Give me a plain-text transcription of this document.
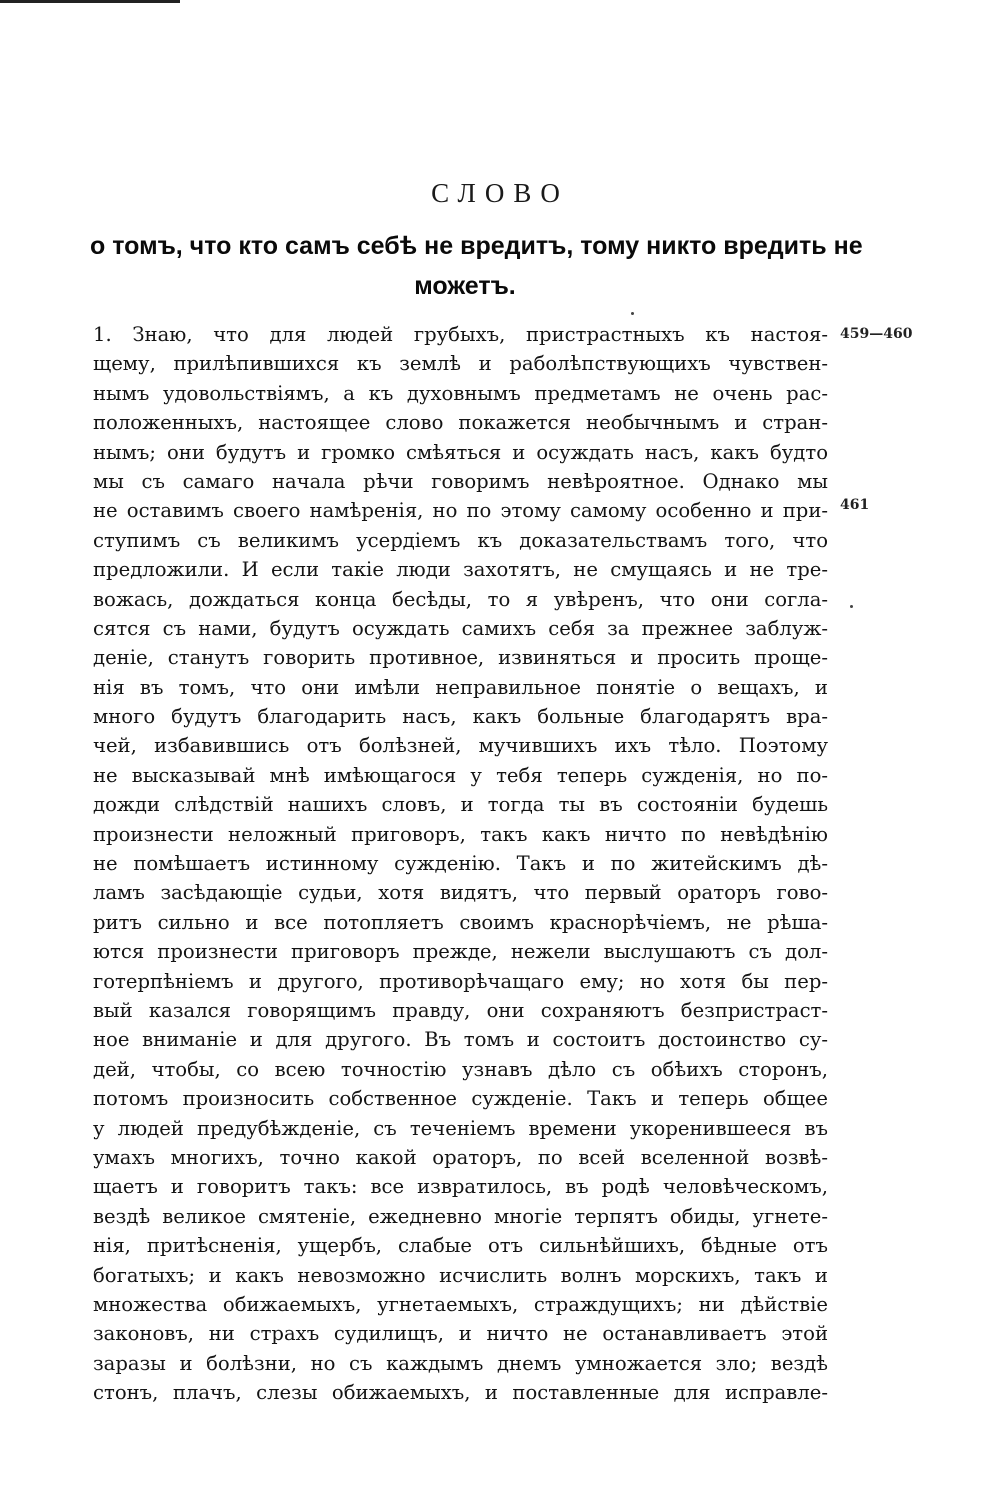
СЛОВО
о томъ, что кто самъ себѣ не вредитъ, тому никто вредить не
можетъ.
459—460
461
1. Знаю, что для людей грубыхъ, пристрастныхъ къ настоя-
щему, прилѣпившихся къ землѣ и раболѣпствующихъ чувствен-
нымъ удовольствіямъ, а къ духовнымъ предметамъ не очень рас-
положенныхъ, настоящее слово покажется необычнымъ и стран-
нымъ; они будутъ и громко смѣяться и осуждать насъ, какъ будто
мы съ самаго начала рѣчи говоримъ невѣроятное. Однако мы
не оставимъ своего намѣренія, но по этому самому особенно и при-
ступимъ съ великимъ усердіемъ къ доказательствамъ того, что
предложили. И если такіе люди захотятъ, не смущаясь и не тре-
вожась, дождаться конца бесѣды, то я увѣренъ, что они согла-
сятся съ нами, будутъ осуждать самихъ себя за прежнее заблуж-
деніе, станутъ говорить противное, извиняться и просить проще-
нія въ томъ, что они имѣли неправильное понятіе о вещахъ, и
много будутъ благодарить насъ, какъ больные благодарятъ вра-
чей, избавившись отъ болѣзней, мучившихъ ихъ тѣло. Поэтому
не высказывай мнѣ имѣющагося у тебя теперь сужденія, но по-
дожди слѣдствій нашихъ словъ, и тогда ты въ состояніи будешь
произнести неложный приговоръ, такъ какъ ничто по невѣдѣнію
не помѣшаетъ истинному сужденію. Такъ и по житейскимъ дѣ-
ламъ засѣдающіе судьи, хотя видятъ, что первый ораторъ гово-
ритъ сильно и все потопляетъ своимъ краснорѣчіемъ, не рѣша-
ются произнести приговоръ прежде, нежели выслушаютъ съ дол-
готерпѣніемъ и другого, противорѣчащаго ему; но хотя бы пер-
вый казался говорящимъ правду, они сохраняютъ безпристраст-
ное вниманіе и для другого. Въ томъ и состоитъ достоинство су-
дей, чтобы, со всею точностію узнавъ дѣло съ обѣихъ сторонъ,
потомъ произносить собственное сужденіе. Такъ и теперь общее
у людей предубѣжденіе, съ теченіемъ времени укоренившееся въ
умахъ многихъ, точно какой ораторъ, по всей вселенной возвѣ-
щаетъ и говоритъ такъ: все извратилось, въ родѣ человѣческомъ,
вездѣ великое смятеніе, ежедневно многіе терпятъ обиды, угнете-
нія, притѣсненія, ущербъ, слабые отъ сильнѣйшихъ, бѣдные отъ
богатыхъ; и какъ невозможно исчислить волнъ морскихъ, такъ и
множества обижаемыхъ, угнетаемыхъ, страждущихъ; ни дѣйствіе
законовъ, ни страхъ судилищъ, и ничто не останавливаетъ этой
заразы и болѣзни, но съ каждымъ днемъ умножается зло; вездѣ
стонъ, плачъ, слезы обижаемыхъ, и поставленные для исправле-
